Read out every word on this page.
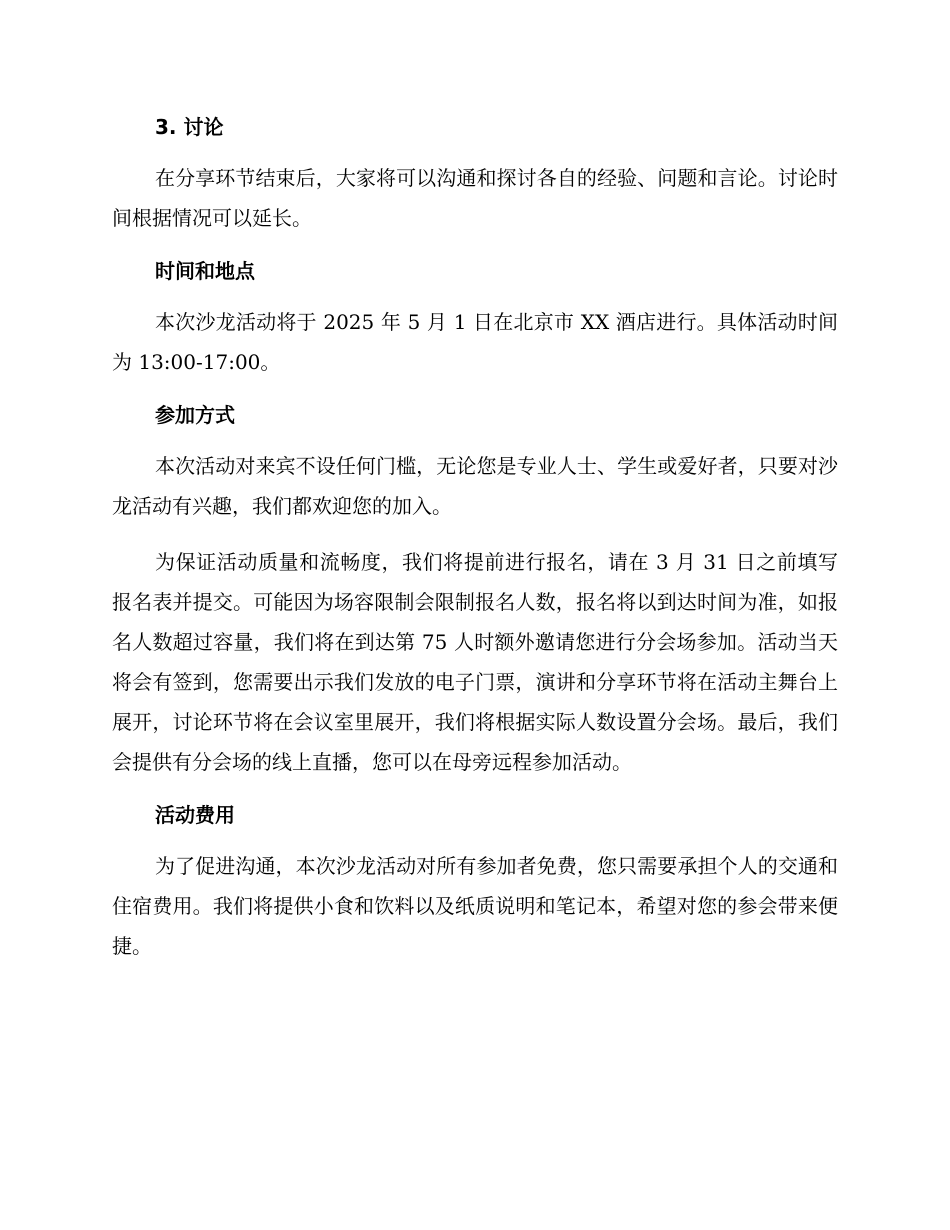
3. 讨论

在分享环节结束后，大家将可以沟通和探讨各自的经验、问题和言论。讨论时间根据情况可以延长。

时间和地点

本次沙龙活动将于 2025 年 5 月 1 日在北京市 XX 酒店进行。具体活动时间为 13:00-17:00。

参加方式

本次活动对来宾不设任何门槛，无论您是专业人士、学生或爱好者，只要对沙龙活动有兴趣，我们都欢迎您的加入。

为保证活动质量和流畅度，我们将提前进行报名，请在 3 月 31 日之前填写报名表并提交。可能因为场容限制会限制报名人数，报名将以到达时间为准，如报名人数超过容量，我们将在到达第 75 人时额外邀请您进行分会场参加。活动当天将会有签到，您需要出示我们发放的电子门票，演讲和分享环节将在活动主舞台上展开，讨论环节将在会议室里展开，我们将根据实际人数设置分会场。最后，我们会提供有分会场的线上直播，您可以在母旁远程参加活动。

活动费用

为了促进沟通，本次沙龙活动对所有参加者免费，您只需要承担个人的交通和住宿费用。我们将提供小食和饮料以及纸质说明和笔记本，希望对您的参会带来便捷。
